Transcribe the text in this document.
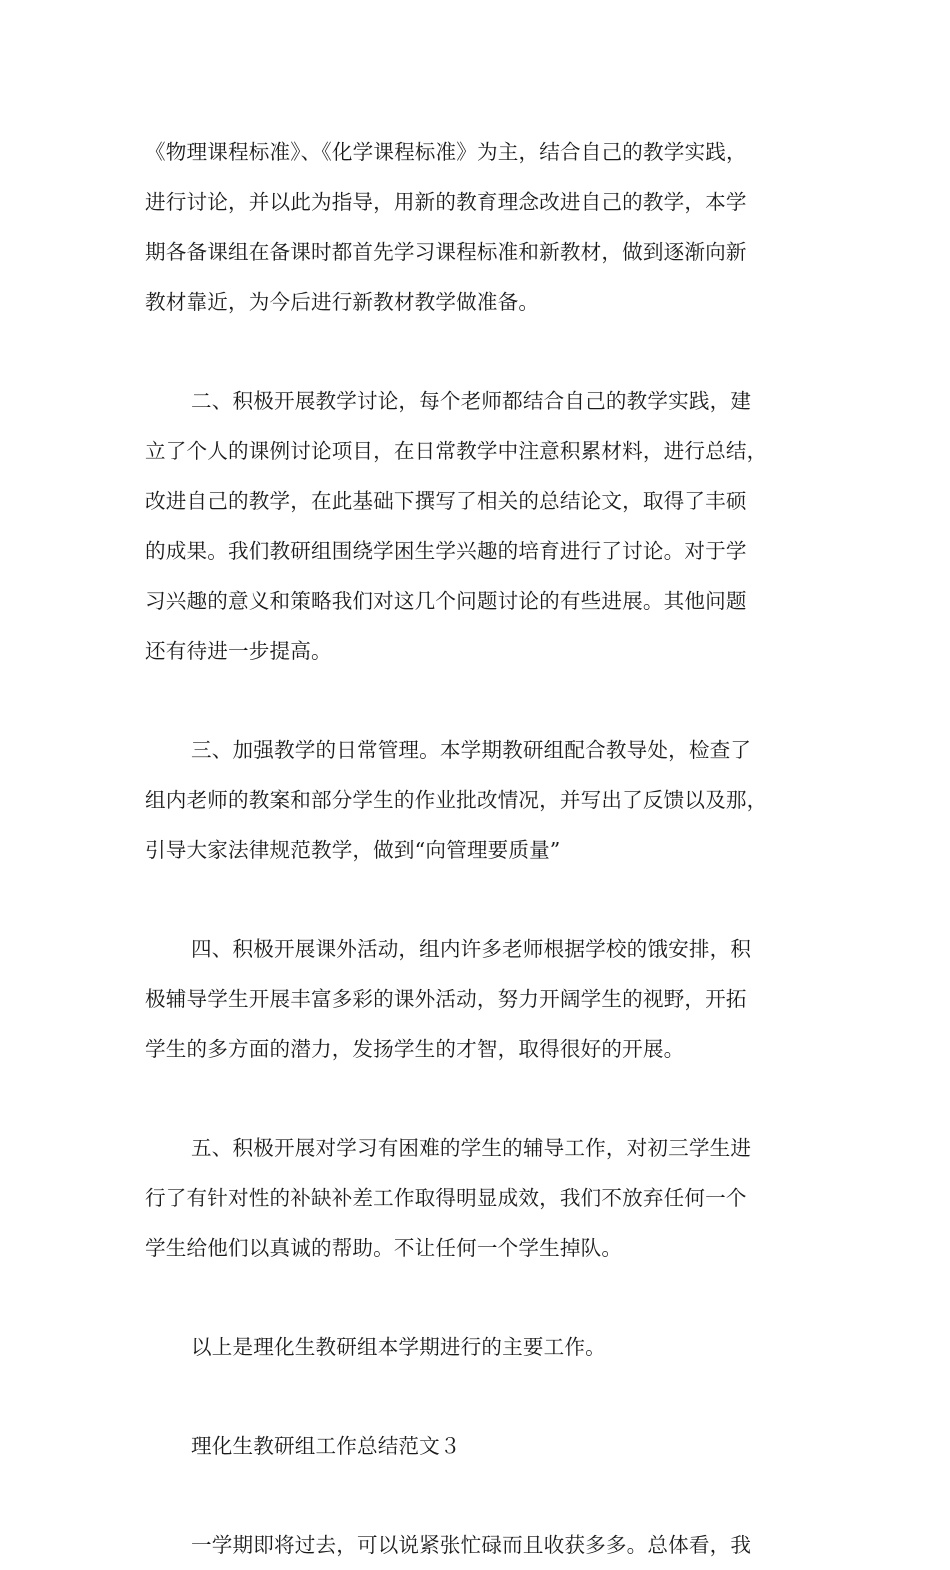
《物理课程标准》、《化学课程标准》为主，结合自己的教学实践，
进行讨论，并以此为指导，用新的教育理念改进自己的教学，本学
期各备课组在备课时都首先学习课程标准和新教材，做到逐渐向新
教材靠近，为今后进行新教材教学做准备。
二、积极开展教学讨论，每个老师都结合自己的教学实践，建
立了个人的课例讨论项目，在日常教学中注意积累材料，进行总结，
改进自己的教学，在此基础下撰写了相关的总结论文，取得了丰硕
的成果。我们教研组围绕学困生学兴趣的培育进行了讨论。对于学
习兴趣的意义和策略我们对这几个问题讨论的有些进展。其他问题
还有待进一步提高。
三、加强教学的日常管理。本学期教研组配合教导处，检查了
组内老师的教案和部分学生的作业批改情况，并写出了反馈以及那，
引导大家法律规范教学，做到“向管理要质量”
四、积极开展课外活动，组内许多老师根据学校的饿安排，积
极辅导学生开展丰富多彩的课外活动，努力开阔学生的视野，开拓
学生的多方面的潜力，发扬学生的才智，取得很好的开展。
五、积极开展对学习有困难的学生的辅导工作，对初三学生进
行了有针对性的补缺补差工作取得明显成效，我们不放弃任何一个
学生给他们以真诚的帮助。不让任何一个学生掉队。
以上是理化生教研组本学期进行的主要工作。
理化生教研组工作总结范文３
一学期即将过去，可以说紧张忙碌而且收获多多。总体看，我
